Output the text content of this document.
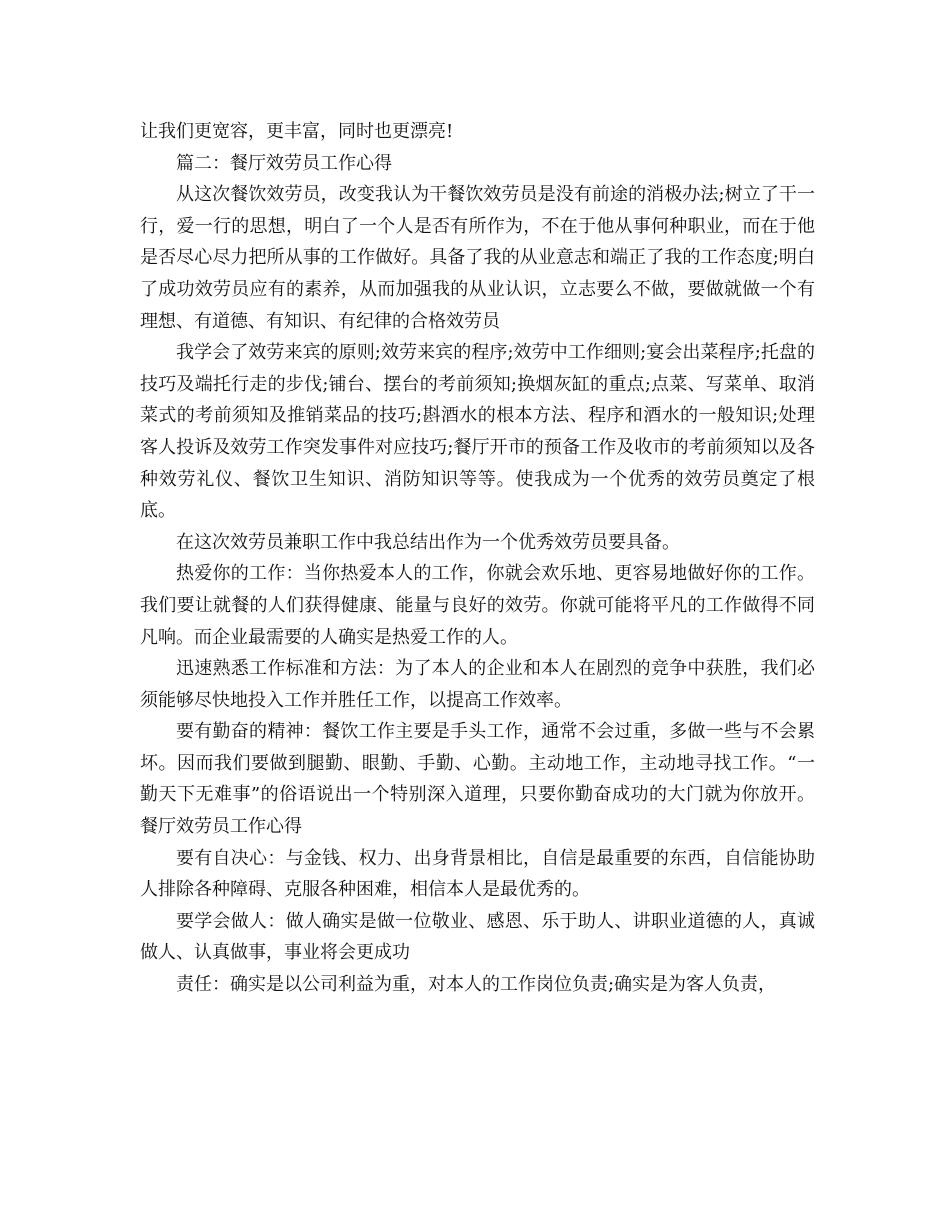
让我们更宽容，更丰富，同时也更漂亮!

篇二：餐厅效劳员工作心得

从这次餐饮效劳员，改变我认为干餐饮效劳员是没有前途的消极办法;树立了干一行，爱一行的思想，明白了一个人是否有所作为，不在于他从事何种职业，而在于他是否尽心尽力把所从事的工作做好。具备了我的从业意志和端正了我的工作态度;明白了成功效劳员应有的素养，从而加强我的从业认识，立志要么不做，要做就做一个有理想、有道德、有知识、有纪律的合格效劳员

我学会了效劳来宾的原则;效劳来宾的程序;效劳中工作细则;宴会出菜程序;托盘的技巧及端托行走的步伐;铺台、摆台的考前须知;换烟灰缸的重点;点菜、写菜单、取消菜式的考前须知及推销菜品的技巧;斟酒水的根本方法、程序和酒水的一般知识;处理客人投诉及效劳工作突发事件对应技巧;餐厅开市的预备工作及收市的考前须知以及各种效劳礼仪、餐饮卫生知识、消防知识等等。使我成为一个优秀的效劳员奠定了根底。

在这次效劳员兼职工作中我总结出作为一个优秀效劳员要具备。

热爱你的工作：当你热爱本人的工作，你就会欢乐地、更容易地做好你的工作。我们要让就餐的人们获得健康、能量与良好的效劳。你就可能将平凡的工作做得不同凡响。而企业最需要的人确实是热爱工作的人。

迅速熟悉工作标准和方法：为了本人的企业和本人在剧烈的竞争中获胜，我们必须能够尽快地投入工作并胜任工作，以提高工作效率。

要有勤奋的精神：餐饮工作主要是手头工作，通常不会过重，多做一些与不会累坏。因而我们要做到腿勤、眼勤、手勤、心勤。主动地工作，主动地寻找工作。“一勤天下无难事”的俗语说出一个特别深入道理，只要你勤奋成功的大门就为你放开。餐厅效劳员工作心得

要有自决心：与金钱、权力、出身背景相比，自信是最重要的东西，自信能协助人排除各种障碍、克服各种困难，相信本人是最优秀的。

要学会做人：做人确实是做一位敬业、感恩、乐于助人、讲职业道德的人，真诚做人、认真做事，事业将会更成功

责任：确实是以公司利益为重，对本人的工作岗位负责;确实是为客人负责，
